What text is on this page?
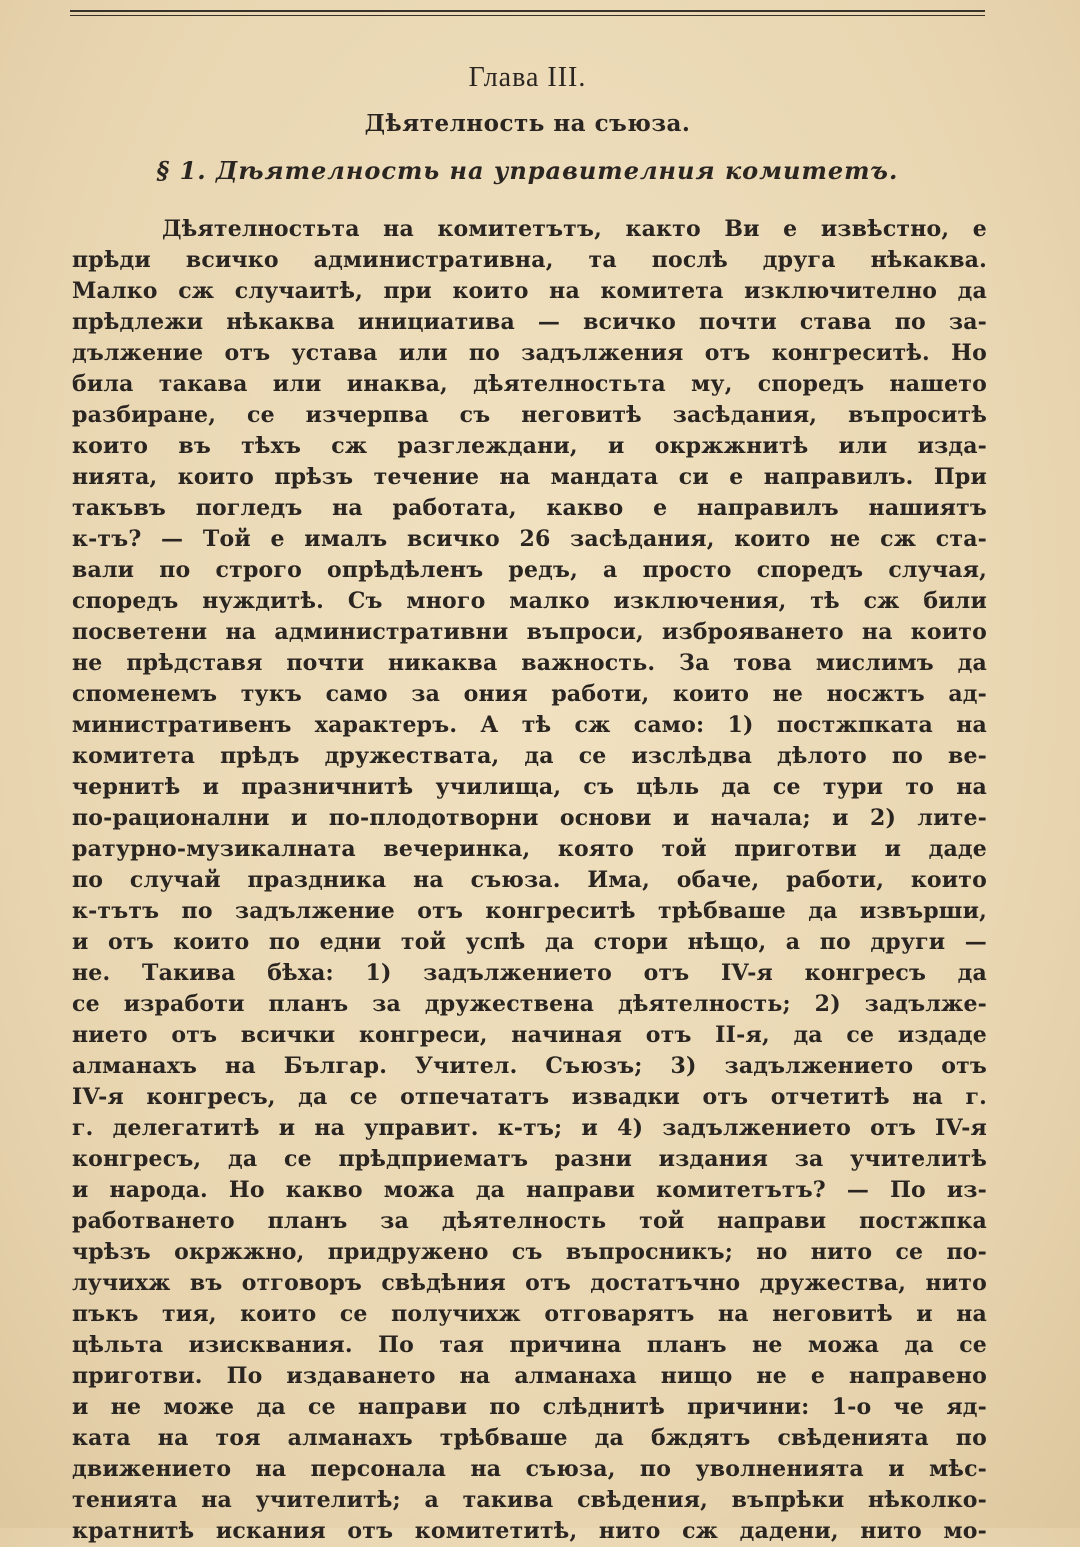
Глава III.
Дѣятелность на съюза.
§ 1. Дѣятелность на управителния комитетъ.
Дѣятелностьта на комитетътъ, както Ви е извѣстно, е
прѣди всичко административна, та послѣ друга нѣкаква.
Малко сж случаитѣ, при които на комитета изключително да
прѣдлежи нѣкаква инициатива — всичко почти става по за-
дължение отъ устава или по задължения отъ конгреситѣ. Но
била такава или инаква, дѣятелностьта му, споредъ нашето
разбиране, се изчерпва съ неговитѣ засѣдания, въпроситѣ
които въ тѣхъ сж разглеждани, и окржжнитѣ или изда-
нията, които прѣзъ течение на мандата си е направилъ. При
такъвъ погледъ на работата, какво е направилъ нашиятъ
к-тъ? — Той е ималъ всичко 26 засѣдания, които не сж ста-
вали по строго опрѣдѣленъ редъ, а просто споредъ случая,
споредъ нуждитѣ. Съ много малко изключения, тѣ сж били
посветени на административни въпроси, изброяването на които
не прѣдставя почти никаква важность. За това мислимъ да
споменемъ тукъ само за ония работи, които не носжтъ ад-
министративенъ характеръ. А тѣ сж само: 1) постжпката на
комитета прѣдъ дружествата, да се изслѣдва дѣлото по ве-
чернитѣ и празничнитѣ училища, съ цѣль да се тури то на
по-рационални и по-плодотворни основи и начала; и 2) лите-
ратурно-музикалната вечеринка, която той приготви и даде
по случай праздника на съюза. Има, обаче, работи, които
к-тътъ по задължение отъ конгреситѣ трѣбваше да извърши,
и отъ които по едни той успѣ да стори нѣщо, а по други —
не. Такива бѣха: 1) задължението отъ IV-я конгресъ да
се изработи планъ за дружествена дѣятелность; 2) задълже-
нието отъ всички конгреси, начиная отъ II-я, да се издаде
алманахъ на Българ. Учител. Съюзъ; 3) задължението отъ
IV-я конгресъ, да се отпечататъ извадки отъ отчетитѣ на г.
г. делегатитѣ и на управит. к-тъ; и 4) задължението отъ IV-я
конгресъ, да се прѣдприематъ разни издания за учителитѣ
и народа. Но какво можа да направи комитетътъ? — По из-
работването планъ за дѣятелность той направи постжпка
чрѣзъ окржжно, придружено съ въпросникъ; но нито се по-
лучихж въ отговоръ свѣдѣния отъ достатъчно дружества, нито
пъкъ тия, които се получихж отговарятъ на неговитѣ и на
цѣльта изисквания. По тая причина планъ не можа да се
приготви. По издаването на алманаха нищо не е направено
и не може да се направи по слѣднитѣ причини: 1-о че яд-
ката на тоя алманахъ трѣбваше да бждятъ свѣденията по
движението на персонала на съюза, по уволненията и мѣс-
тенията на учителитѣ; а такива свѣдения, въпрѣки нѣколко-
кратнитѣ искания отъ комитетитѣ, нито сж дадени, нито мо-
